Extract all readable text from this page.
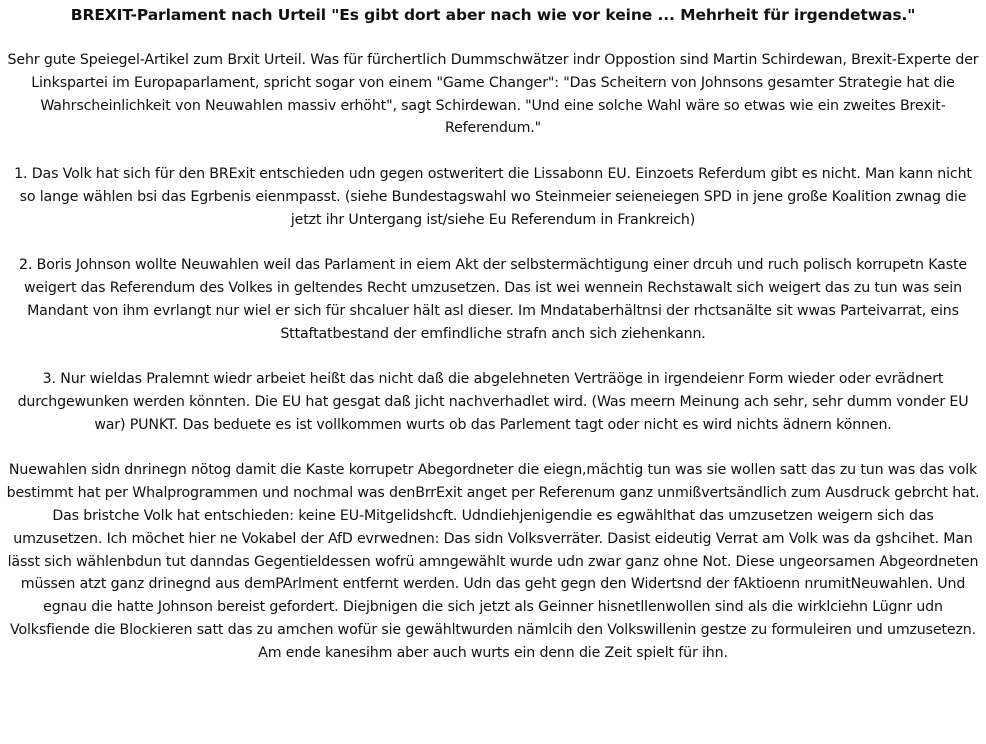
BREXIT-Parlament nach Urteil "Es gibt dort aber nach wie vor keine ... Mehrheit für irgendetwas."

Sehr gute Speiegel-Artikel zum Brxit Urteil. Was für fürchertlich Dummschwätzer indr Oppostion sind Martin Schirdewan, Brexit-Experte der Linkspartei im Europaparlament, spricht sogar von einem "Game Changer": "Das Scheitern von Johnsons gesamter Strategie hat die Wahrscheinlichkeit von Neuwahlen massiv erhöht", sagt Schirdewan. "Und eine solche Wahl wäre so etwas wie ein zweites Brexit-Referendum."

1. Das Volk hat sich für den BRExit entschieden udn gegen ostweritert die Lissabonn EU. Einzoets Referdum gibt es nicht. Man kann nicht so lange wählen bsi das Egrbenis eienmpasst. (siehe Bundestagswahl wo Steinmeier seieneiegen SPD in jene große Koalition zwnag die jetzt ihr Untergang ist/siehe Eu Referendum in Frankreich)

2. Boris Johnson wollte Neuwahlen weil das Parlament in eiem Akt der selbstermächtigung einer drcuh und ruch polisch korrupetn Kaste weigert das Referendum des Volkes in geltendes Recht umzusetzen. Das ist wei wennein Rechstawalt sich weigert das zu tun was sein Mandant von ihm evrlangt nur wiel er sich für shcaluer hält asl dieser. Im Mndataberhältnsi der rhctsanälte sit wwas Parteivarrat, eins Sttaftatbestand der emfindliche strafn anch sich ziehenkann.

3. Nur wieldas Pralemnt wiedr arbeiet heißt das nicht daß die abgelehneten Verträöge in irgendeienr Form wieder oder evrädnert durchgewunken werden könnten. Die EU hat gesgat daß jicht nachverhadlet wird. (Was meern Meinung ach sehr, sehr dumm vonder EU war) PUNKT. Das beduete es ist vollkommen wurts ob das Parlement tagt oder nicht es wird nichts ädnern können.

Nuewahlen sidn dnrinegn nötog damit die Kaste korrupetr Abegordneter die eiegn,mächtig tun was sie wollen satt das zu tun was das volk bestimmt hat per Whalprogrammen und nochmal was denBrrExit anget per Referenum ganz unmißvertsändlich zum Ausdruck gebrcht hat. Das bristche Volk hat entschieden: keine EU-Mitgelidshcft. Udndiehjenigendie es egwählthat das umzusetzen weigern sich das umzusetzen. Ich möchet hier ne Vokabel der AfD evrwednen: Das sidn Volksverräter. Dasist eideutig Verrat am Volk was da gshcihet. Man lässt sich wählenbdun tut danndas Gegentieldessen wofrü amngewählt wurde udn zwar ganz ohne Not. Diese ungeorsamen Abgeordneten müssen atzt ganz drinegnd aus demPArlment entfernt werden. Udn das geht gegn den Widertsnd der fAktioenn nrumitNeuwahlen. Und egnau die hatte Johnson bereist gefordert. Diejbnigen die sich jetzt als Geinner hisnetllenwollen sind als die wirklciehn Lügnr udn Volksfiende die Blockieren satt das zu amchen wofür sie gewähltwurden nämlcih den Volkswillenin gestze zu formuleiren und umzusetezn. Am ende kanesihm aber auch wurts ein denn die Zeit spielt für ihn.
